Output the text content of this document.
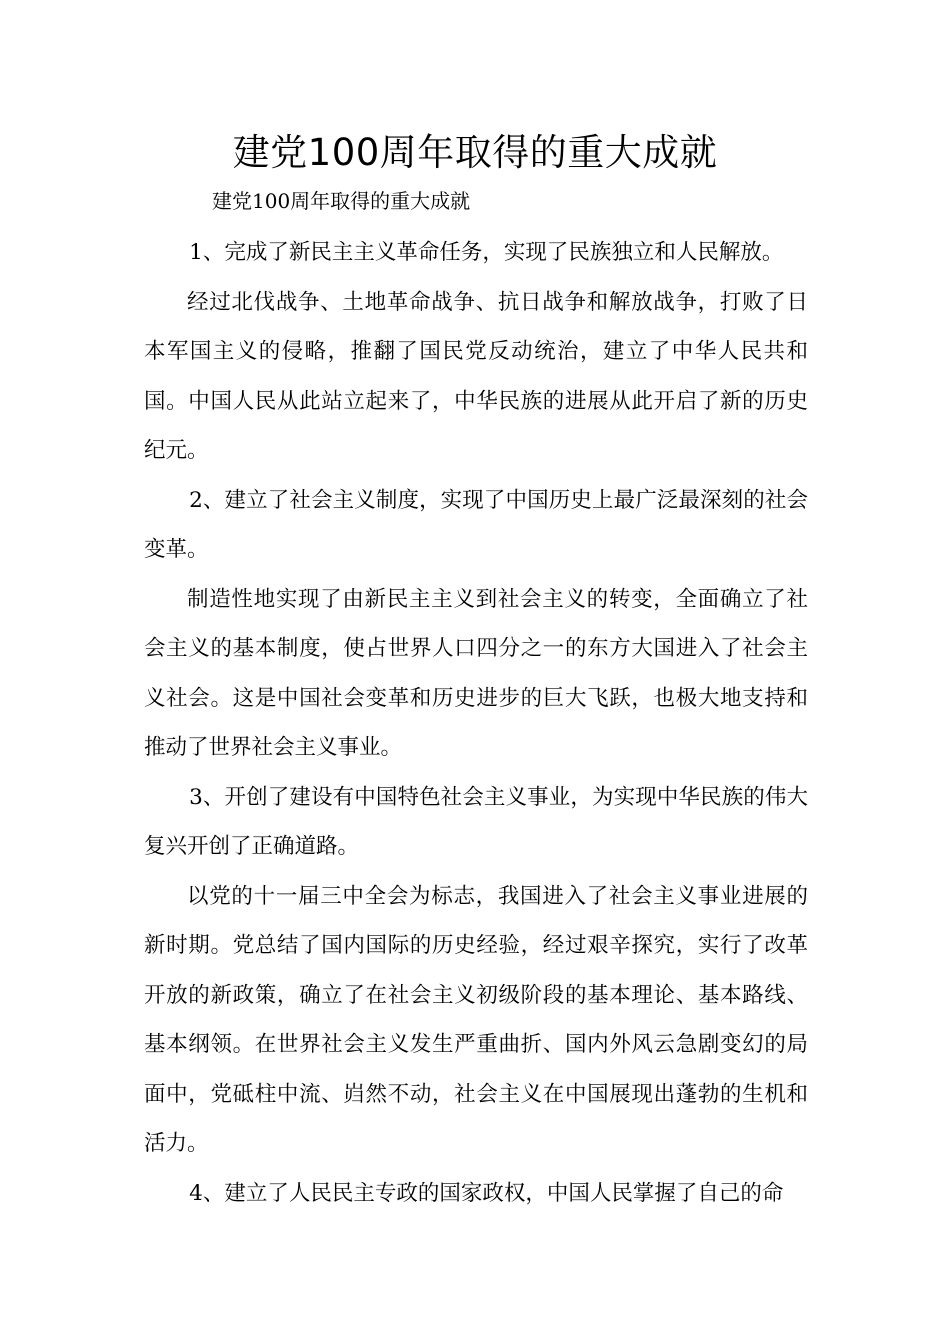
建党100周年取得的重大成就
建党100周年取得的重大成就

1、完成了新民主主义革命任务，实现了民族独立和人民解放。

经过北伐战争、土地革命战争、抗日战争和解放战争，打败了日本军国主义的侵略，推翻了国民党反动统治，建立了中华人民共和国。中国人民从此站立起来了，中华民族的进展从此开启了新的历史纪元。

2、建立了社会主义制度，实现了中国历史上最广泛最深刻的社会变革。

制造性地实现了由新民主主义到社会主义的转变，全面确立了社会主义的基本制度，使占世界人口四分之一的东方大国进入了社会主义社会。这是中国社会变革和历史进步的巨大飞跃，也极大地支持和推动了世界社会主义事业。

3、开创了建设有中国特色社会主义事业，为实现中华民族的伟大复兴开创了正确道路。

以党的十一届三中全会为标志，我国进入了社会主义事业进展的新时期。党总结了国内国际的历史经验，经过艰辛探究，实行了改革开放的新政策，确立了在社会主义初级阶段的基本理论、基本路线、基本纲领。在世界社会主义发生严重曲折、国内外风云急剧变幻的局面中，党砥柱中流、岿然不动，社会主义在中国展现出蓬勃的生机和活力。

4、建立了人民民主专政的国家政权，中国人民掌握了自己的命
